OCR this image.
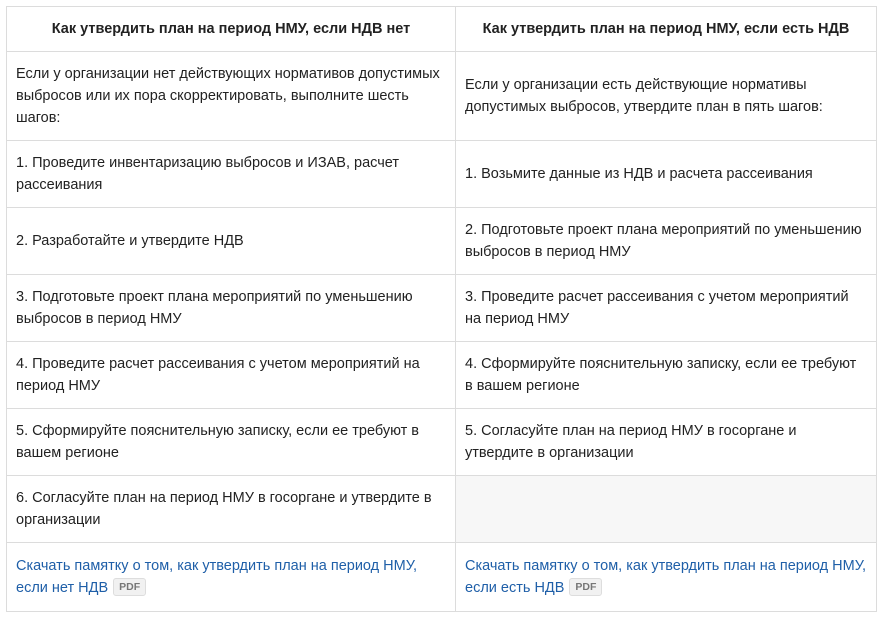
Как утвердить план на период НМУ, если НДВ нет	Как утвердить план на период НМУ, если есть НДВ
Если у организации нет действующих нормативов допустимых выбросов или их пора скорректировать, выполните шесть шагов:	Если у организации есть действующие нормативы допустимых выбросов, утвердите план в пять шагов:
1. Проведите инвентаризацию выбросов и ИЗАВ, расчет рассеивания	1. Возьмите данные из НДВ и расчета рассеивания
2. Разработайте и утвердите НДВ	2. Подготовьте проект плана мероприятий по уменьшению выбросов в период НМУ
3. Подготовьте проект плана мероприятий по уменьшению выбросов в период НМУ	3. Проведите расчет рассеивания с учетом мероприятий на период НМУ
4. Проведите расчет рассеивания с учетом мероприятий на период НМУ	4. Сформируйте пояснительную записку, если ее требуют в вашем регионе
5. Сформируйте пояснительную записку, если ее требуют в вашем регионе	5. Согласуйте план на период НМУ в госоргане и утвердите в организации
6. Согласуйте план на период НМУ в госоргане и утвердите в организации	
Скачать памятку о том, как утвердить план на период НМУ, если нет НДВ PDF	Скачать памятку о том, как утвердить план на период НМУ, если есть НДВ PDF
